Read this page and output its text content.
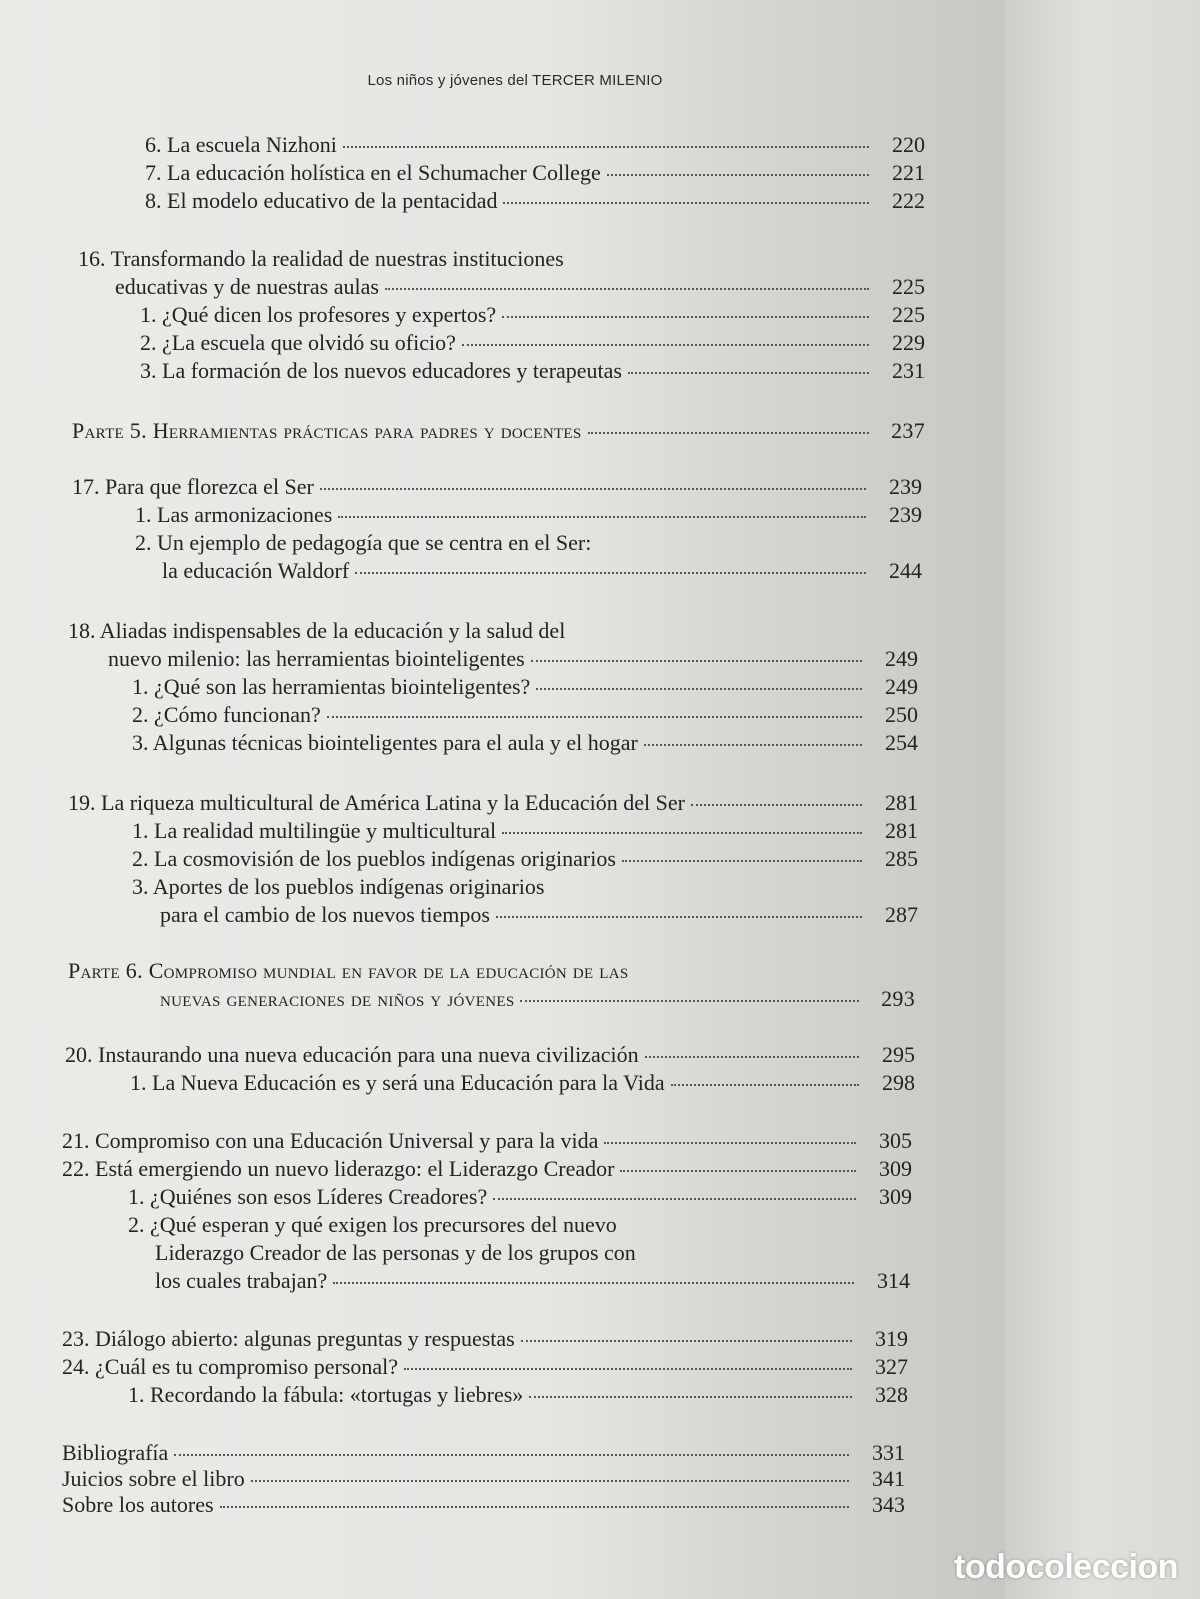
Los niños y jóvenes del TERCER MILENIO
6. La escuela Nizhoni	220
7. La educación holística en el Schumacher College	221
8. El modelo educativo de la pentacidad	222
16. Transformando la realidad de nuestras instituciones
educativas y de nuestras aulas	225
1. ¿Qué dicen los profesores y expertos?	225
2. ¿La escuela que olvidó su oficio?	229
3. La formación de los nuevos educadores y terapeutas	231
Parte 5. Herramientas prácticas para padres y docentes	237
17. Para que florezca el Ser	239
1. Las armonizaciones	239
2. Un ejemplo de pedagogía que se centra en el Ser:
la educación Waldorf	244
18. Aliadas indispensables de la educación y la salud del
nuevo milenio: las herramientas biointeligentes	249
1. ¿Qué son las herramientas biointeligentes?	249
2. ¿Cómo funcionan?	250
3. Algunas técnicas biointeligentes para el aula y el hogar	254
19. La riqueza multicultural de América Latina y la Educación del Ser	281
1. La realidad multilingüe y multicultural	281
2. La cosmovisión de los pueblos indígenas originarios	285
3. Aportes de los pueblos indígenas originarios
para el cambio de los nuevos tiempos	287
Parte 6. Compromiso mundial en favor de la educación de las
nuevas generaciones de niños y jóvenes	293
20. Instaurando una nueva educación para una nueva civilización	295
1. La Nueva Educación es y será una Educación para la Vida	298
21. Compromiso con una Educación Universal y para la vida	305
22. Está emergiendo un nuevo liderazgo: el Liderazgo Creador	309
1. ¿Quiénes son esos Líderes Creadores?	309
2. ¿Qué esperan y qué exigen los precursores del nuevo
Liderazgo Creador de las personas y de los grupos con
los cuales trabajan?	314
23. Diálogo abierto: algunas preguntas y respuestas	319
24. ¿Cuál es tu compromiso personal?	327
1. Recordando la fábula: «tortugas y liebres»	328
Bibliografía	331
Juicios sobre el libro	341
Sobre los autores	343
todocoleccion
